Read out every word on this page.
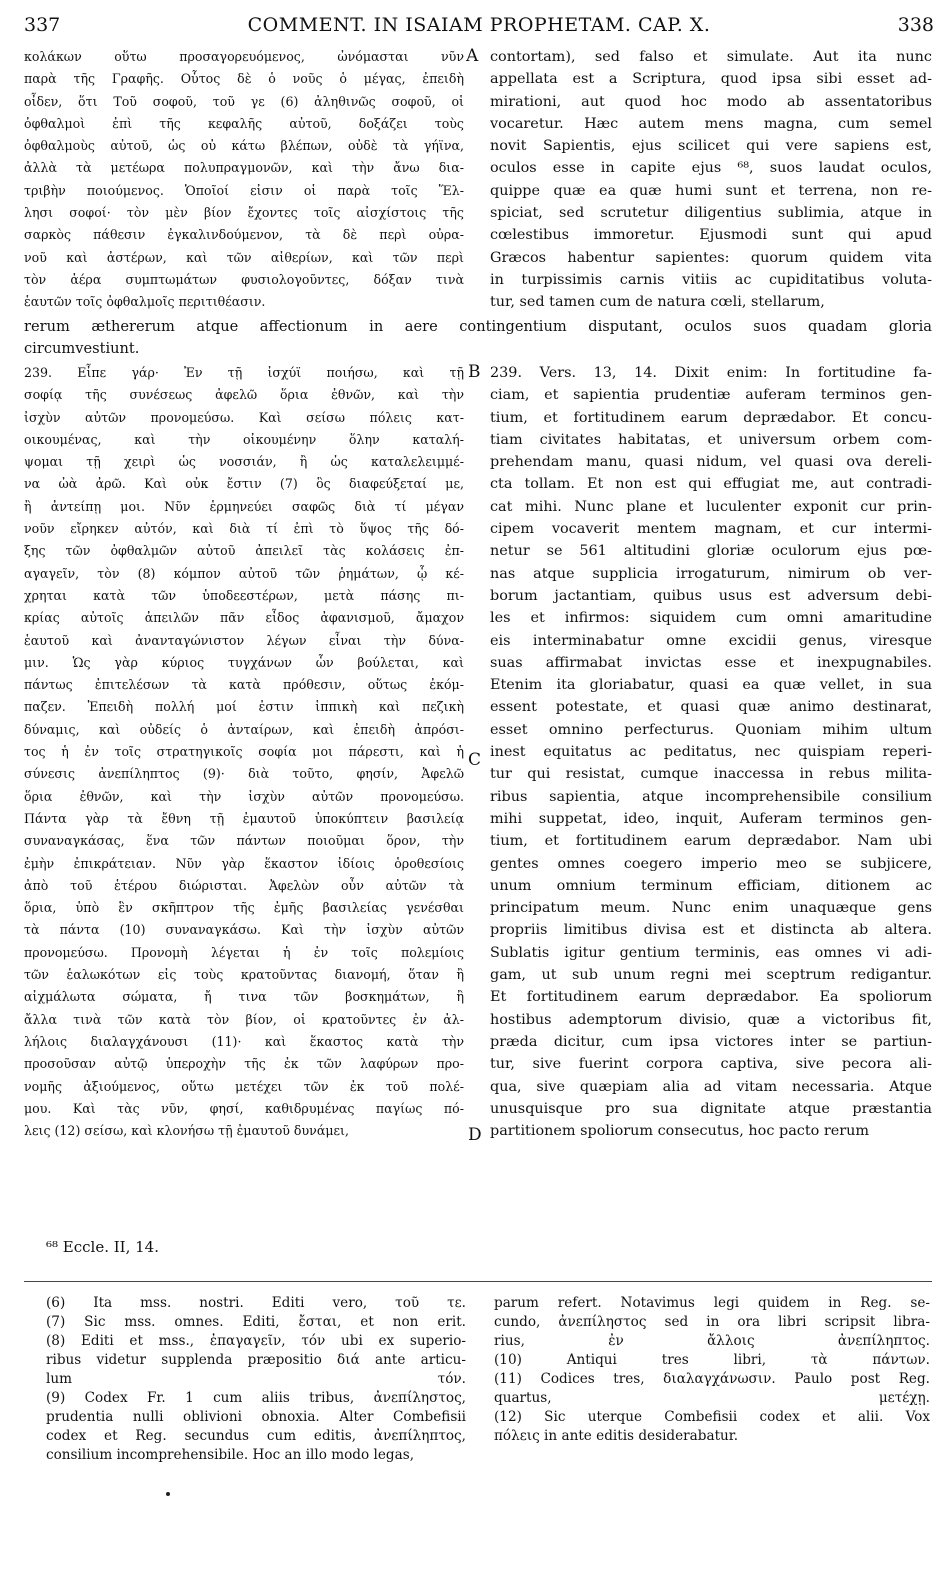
337	COMMENT. IN ISAIAM PROPHETAM. CAP. X.	338

κολάκων οὕτω προσαγορευόμενος, ὠνόμασται νῦν

παρὰ τῆς Γραφῆς. Οὗτος δὲ ὁ νοῦς ὁ μέγας, ἐπειδὴ

οἶδεν, ὅτι Τοῦ σοφοῦ, τοῦ γε (6) ἀληθινῶς σοφοῦ, οἱ

ὀφθαλμοὶ ἐπὶ τῆς κεφαλῆς αὐτοῦ, δοξάζει τοὺς

ὀφθαλμοὺς αὐτοῦ, ὡς οὐ κάτω βλέπων, οὐδὲ τὰ γήϊνα,

ἀλλὰ τὰ μετέωρα πολυπραγμονῶν, καὶ τὴν ἄνω δια-

τριβὴν ποιούμενος. Ὁποῖοί εἰσιν οἱ παρὰ τοῖς Ἕλ-

λησι σοφοί· τὸν μὲν βίον ἔχοντες τοῖς αἰσχίστοις τῆς

σαρκὸς πάθεσιν ἐγκαλινδούμενον, τὰ δὲ περὶ οὐρα-

νοῦ καὶ ἀστέρων, καὶ τῶν αἰθερίων, καὶ τῶν περὶ

τὸν ἀέρα συμπτωμάτων φυσιολογοῦντες, δόξαν τινὰ

ἑαυτῶν τοῖς ὀφθαλμοῖς περιτιθέασιν.

A contortam), sed falso et simulate. Aut ita nunc

appellata est a Scriptura, quod ipsa sibi esset ad-

mirationi, aut quod hoc modo ab assentatoribus

vocaretur. Hæc autem mens magna, cum semel

novit Sapientis, ejus scilicet qui vere sapiens est,

oculos esse in capite ejus ⁶⁸, suos laudat oculos,

quippe quæ ea quæ humi sunt et terrena, non re-

spiciat, sed scrutetur diligentius sublimia, atque in

cœlestibus immoretur. Ejusmodi sunt qui apud

Græcos habentur sapientes: quorum quidem vita

in turpissimis carnis vitiis ac cupiditatibus voluta-

tur, sed tamen cum de natura cœli, stellarum,

rerum æthererum atque affectionum in aere contingentium disputant, oculos suos quadam gloria

circumvestiunt.

239. Εἶπε γάρ· Ἐν τῇ ἰσχύϊ ποιήσω, καὶ τῇ

σοφίᾳ τῆς συνέσεως ἀφελῶ ὅρια ἐθνῶν, καὶ τὴν

ἰσχὺν αὐτῶν προνομεύσω. Καὶ σείσω πόλεις κατ-

οικουμένας, καὶ τὴν οἰκουμένην ὅλην καταλή-

ψομαι τῇ χειρὶ ὡς νοσσιάν, ἢ ὡς καταλελειμμέ-

να ὠὰ ἀρῶ. Καὶ οὐκ ἔστιν (7) ὃς διαφεύξεταί με,

ἢ ἀντείπῃ μοι. Νῦν ἑρμηνεύει σαφῶς διὰ τί μέγαν

νοῦν εἴρηκεν αὐτόν, καὶ διὰ τί ἐπὶ τὸ ὕψος τῆς δό-

ξης τῶν ὀφθαλμῶν αὐτοῦ ἀπειλεῖ τὰς κολάσεις ἐπ-

αγαγεῖν, τὸν (8) κόμπον αὐτοῦ τῶν ῥημάτων, ᾧ κέ-

χρηται κατὰ τῶν ὑποδεεστέρων, μετὰ πάσης πι-

κρίας αὐτοῖς ἀπειλῶν πᾶν εἶδος ἀφανισμοῦ, ἄμαχον

ἑαυτοῦ καὶ ἀνανταγώνιστον λέγων εἶναι τὴν δύνα-

μιν. Ὡς γὰρ κύριος τυγχάνων ὧν βούλεται, καὶ

πάντως ἐπιτελέσων τὰ κατὰ πρόθεσιν, οὕτως ἐκόμ-

παζεν. Ἐπειδὴ πολλή μοί ἐστιν ἱππικὴ καὶ πεζικὴ

δύναμις, καὶ οὐδείς ὁ ἀνταίρων, καὶ ἐπειδὴ ἀπρόσι-

τος ἡ ἐν τοῖς στρατηγικοῖς σοφία μοι πάρεστι, καὶ ἡ

σύνεσις ἀνεπίληπτος (9)· διὰ τοῦτο, φησίν, Ἀφελῶ

ὅρια ἐθνῶν, καὶ τὴν ἰσχὺν αὐτῶν προνομεύσω.

Πάντα γὰρ τὰ ἔθνη τῇ ἐμαυτοῦ ὑποκύπτειν βασιλείᾳ

συναναγκάσας, ἕνα τῶν πάντων ποιοῦμαι ὅρον, τὴν

ἐμὴν ἐπικράτειαν. Νῦν γὰρ ἕκαστον ἰδίοις ὁροθεσίοις

ἀπὸ τοῦ ἑτέρου διώρισται. Ἀφελὼν οὖν αὐτῶν τὰ

ὅρια, ὑπὸ ἓν σκῆπτρον τῆς ἐμῆς βασιλείας γενέσθαι

τὰ πάντα (10) συναναγκάσω. Καὶ τὴν ἰσχὺν αὐτῶν

προνομεύσω. Προνομὴ λέγεται ἡ ἐν τοῖς πολεμίοις

τῶν ἑαλωκότων εἰς τοὺς κρατοῦντας διανομή, ὅταν ἢ

αἰχμάλωτα σώματα, ἤ τινα τῶν βοσκημάτων, ἢ

ἄλλα τινὰ τῶν κατὰ τὸν βίον, οἱ κρατοῦντες ἐν ἀλ-

λήλοις διαλαγχάνουσι (11)· καὶ ἕκαστος κατὰ τὴν

προσοῦσαν αὐτῷ ὑπεροχὴν τῆς ἐκ τῶν λαφύρων προ-

νομῆς ἀξιούμενος, οὕτω μετέχει τῶν ἐκ τοῦ πολέ-

μου. Καὶ τὰς νῦν, φησί, καθιδρυμένας παγίως πό-

λεις (12) σείσω, καὶ κλονήσω τῇ ἐμαυτοῦ δυνάμει,

B
C
D

239. Vers. 13, 14. Dixit enim: In fortitudine fa-

ciam, et sapientia prudentiæ auferam terminos gen-

tium, et fortitudinem earum deprædabor. Et concu-

tiam civitates habitatas, et universum orbem com-

prehendam manu, quasi nidum, vel quasi ova dereli-

cta tollam. Et non est qui effugiat me, aut contradi-

cat mihi. Nunc plane et luculenter exponit cur prin-

cipem vocaverit mentem magnam, et cur intermi-

netur se 561 altitudini gloriæ oculorum ejus pœ-

nas atque supplicia irrogaturum, nimirum ob ver-

borum jactantiam, quibus usus est adversum debi-

les et infirmos: siquidem cum omni amaritudine

eis interminabatur omne excidii genus, viresque

suas affirmabat invictas esse et inexpugnabiles.

Etenim ita gloriabatur, quasi ea quæ vellet, in sua

essent potestate, et quasi quæ animo destinarat,

esset omnino perfecturus. Quoniam mihim ultum

inest equitatus ac peditatus, nec quispiam reperi-

tur qui resistat, cumque inaccessa in rebus milita-

ribus sapientia, atque incomprehensibile consilium

mihi suppetat, ideo, inquit, Auferam terminos gen-

tium, et fortitudinem earum deprædabor. Nam ubi

gentes omnes coegero imperio meo se subjicere,

unum omnium terminum efficiam, ditionem ac

principatum meum. Nunc enim unaquæque gens

propriis limitibus divisa est et distincta ab altera.

Sublatis igitur gentium terminis, eas omnes vi adi-

gam, ut sub unum regni mei sceptrum redigantur.

Et fortitudinem earum deprædabor. Ea spoliorum

hostibus ademptorum divisio, quæ a victoribus fit,

præda dicitur, cum ipsa victores inter se partiun-

tur, sive fuerint corpora captiva, sive pecora ali-

qua, sive quæpiam alia ad vitam necessaria. Atque

unusquisque pro sua dignitate atque præstantia

partitionem spoliorum consecutus, hoc pacto rerum

⁶⁸ Eccle. II, 14.

(6) Ita mss. nostri. Editi vero, τοῦ τε.

(7) Sic mss. omnes. Editi, ἔσται, et non erit.

(8) Editi et mss., ἐπαγαγεῖν, τόν ubi ex superio-

ribus videtur supplenda præpositio διά ante articu-

lum τόν.

(9) Codex Fr. 1 cum aliis tribus, ἀνεπίληστος,

prudentia nulli oblivioni obnoxia. Alter Combefisii

codex et Reg. secundus cum editis, ἀνεπίληπτος,

consilium incomprehensibile. Hoc an illo modo legas,

parum refert. Notavimus legi quidem in Reg. se-

cundo, ἀνεπίληστος sed in ora libri scripsit libra-

rius, ἐν ἄλλοις ἀνεπίληπτος.

(10) Antiqui tres libri, τὰ πάντων.

(11) Codices tres, διαλαγχάνωσιν. Paulo post Reg.

quartus, μετέχῃ.

(12) Sic uterque Combefisii codex et alii. Vox

πόλεις in ante editis desiderabatur.
